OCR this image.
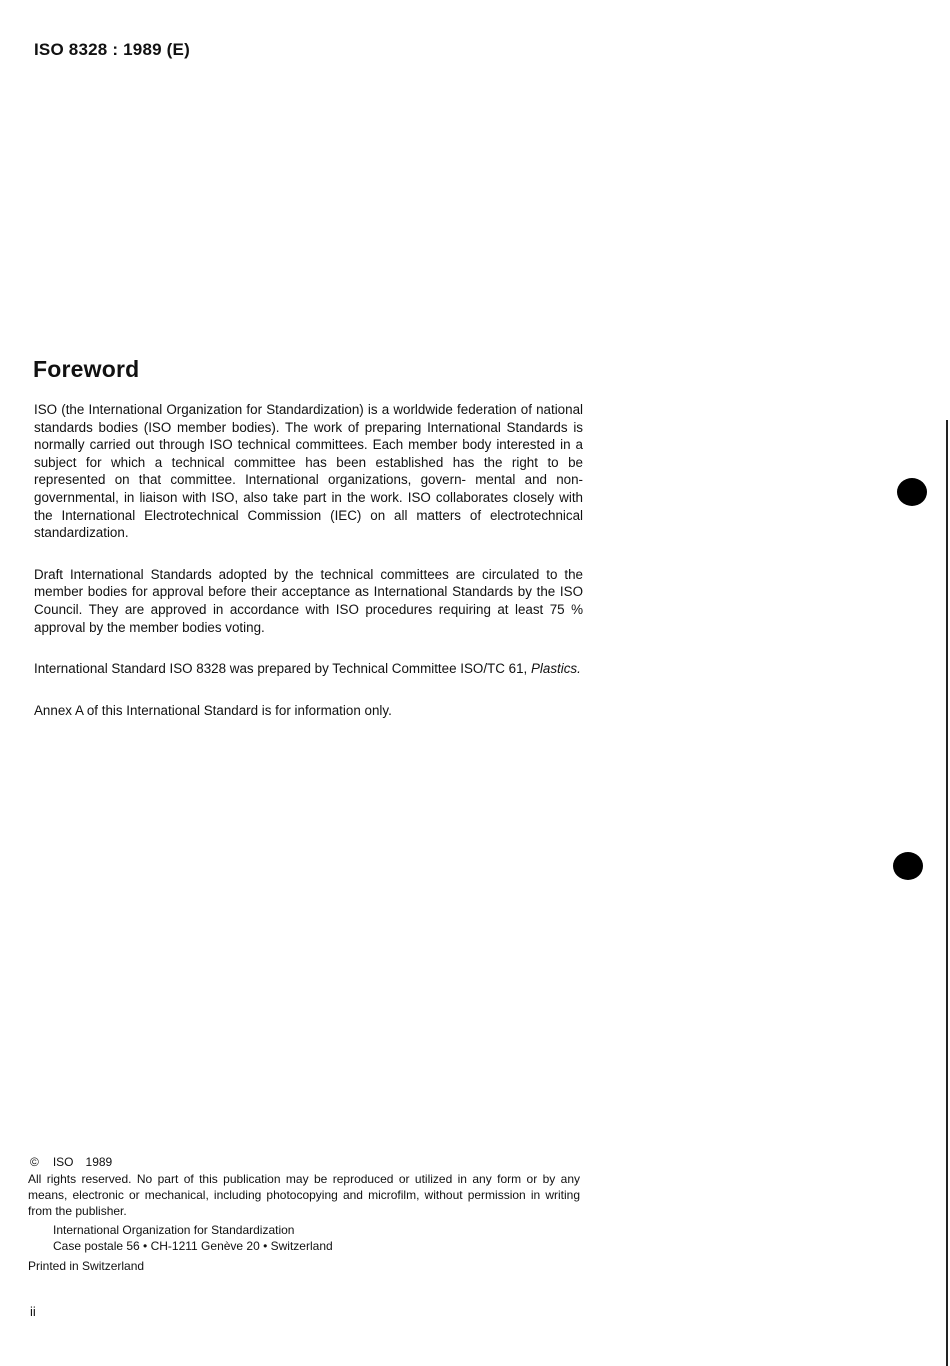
ISO 8328 : 1989 (E)
Foreword

ISO (the International Organization for Standardization) is a worldwide federation of national standards bodies (ISO member bodies). The work of preparing International Standards is normally carried out through ISO technical committees. Each member body interested in a subject for which a technical committee has been established has the right to be represented on that committee. International organizations, govern- mental and non-governmental, in liaison with ISO, also take part in the work. ISO collaborates closely with the International Electrotechnical Commission (IEC) on all matters of electrotechnical standardization.

Draft International Standards adopted by the technical committees are circulated to the member bodies for approval before their acceptance as International Standards by the ISO Council. They are approved in accordance with ISO procedures requiring at least 75 % approval by the member bodies voting.

International Standard ISO 8328 was prepared by Technical Committee ISO/TC 61, Plastics.

Annex A of this International Standard is for information only.

© ISO 1989
All rights reserved. No part of this publication may be reproduced or utilized in any form or by any means, electronic or mechanical, including photocopying and microfilm, without permission in writing from the publisher.
International Organization for Standardization
Case postale 56 • CH-1211 Genève 20 • Switzerland
Printed in Switzerland
ii
